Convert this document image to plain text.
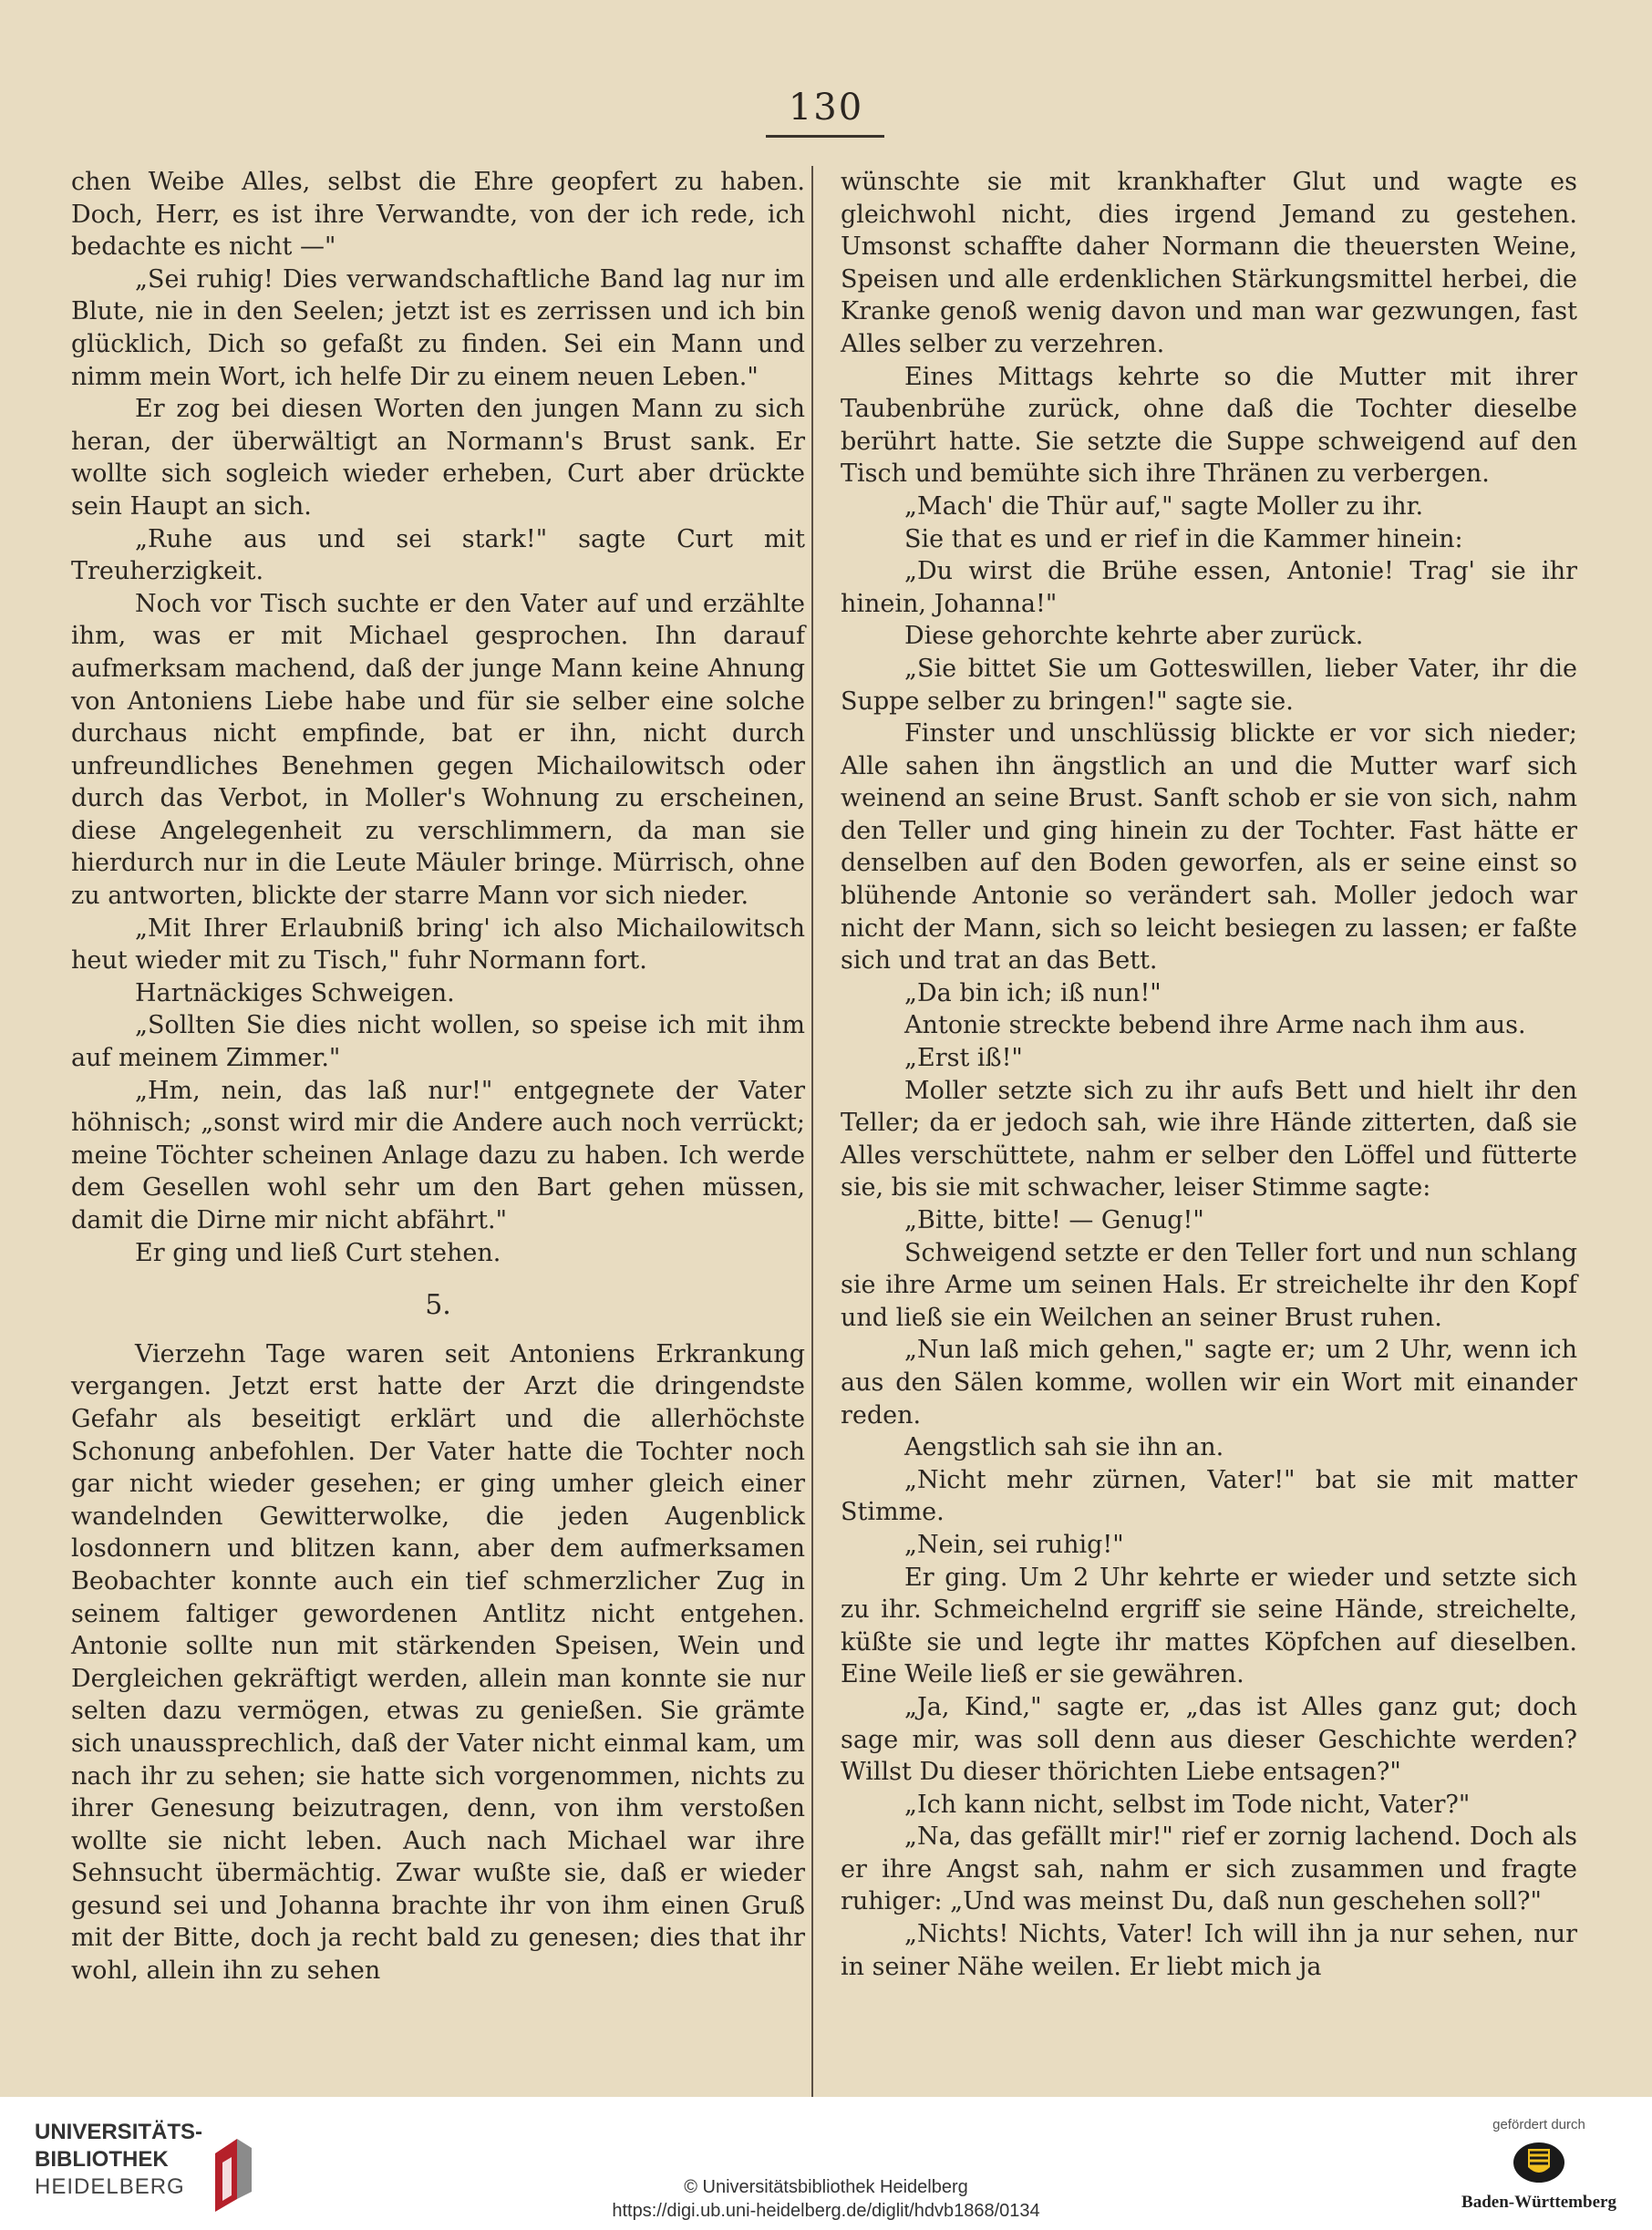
130

chen Weibe Alles, selbst die Ehre geopfert zu haben. Doch, Herr, es ist ihre Verwandte, von der ich rede, ich bedachte es nicht —"

„Sei ruhig! Dies verwandschaftliche Band lag nur im Blute, nie in den Seelen; jetzt ist es zerrissen und ich bin glücklich, Dich so gefaßt zu finden. Sei ein Mann und nimm mein Wort, ich helfe Dir zu einem neuen Leben."

Er zog bei diesen Worten den jungen Mann zu sich heran, der überwältigt an Normann's Brust sank. Er wollte sich sogleich wieder erheben, Curt aber drückte sein Haupt an sich.

„Ruhe aus und sei stark!" sagte Curt mit Treuherzigkeit.

Noch vor Tisch suchte er den Vater auf und erzählte ihm, was er mit Michael gesprochen. Ihn darauf aufmerksam machend, daß der junge Mann keine Ahnung von Antoniens Liebe habe und für sie selber eine solche durchaus nicht empfinde, bat er ihn, nicht durch unfreundliches Benehmen gegen Michailowitsch oder durch das Verbot, in Moller's Wohnung zu erscheinen, diese Angelegenheit zu verschlimmern, da man sie hierdurch nur in die Leute Mäuler bringe. Mürrisch, ohne zu antworten, blickte der starre Mann vor sich nieder.

„Mit Ihrer Erlaubniß bring' ich also Michailowitsch heut wieder mit zu Tisch," fuhr Normann fort.

Hartnäckiges Schweigen.

„Sollten Sie dies nicht wollen, so speise ich mit ihm auf meinem Zimmer."

„Hm, nein, das laß nur!" entgegnete der Vater höhnisch; „sonst wird mir die Andere auch noch verrückt; meine Töchter scheinen Anlage dazu zu haben. Ich werde dem Gesellen wohl sehr um den Bart gehen müssen, damit die Dirne mir nicht abfährt."

Er ging und ließ Curt stehen.

5.

Vierzehn Tage waren seit Antoniens Erkrankung vergangen. Jetzt erst hatte der Arzt die dringendste Gefahr als beseitigt erklärt und die allerhöchste Schonung anbefohlen. Der Vater hatte die Tochter noch gar nicht wieder gesehen; er ging umher gleich einer wandelnden Gewitterwolke, die jeden Augenblick losdonnern und blitzen kann, aber dem aufmerksamen Beobachter konnte auch ein tief schmerzlicher Zug in seinem faltiger gewordenen Antlitz nicht entgehen. Antonie sollte nun mit stärkenden Speisen, Wein und Dergleichen gekräftigt werden, allein man konnte sie nur selten dazu vermögen, etwas zu genießen. Sie grämte sich unaussprechlich, daß der Vater nicht einmal kam, um nach ihr zu sehen; sie hatte sich vorgenommen, nichts zu ihrer Genesung beizutragen, denn, von ihm verstoßen wollte sie nicht leben. Auch nach Michael war ihre Sehnsucht übermächtig. Zwar wußte sie, daß er wieder gesund sei und Johanna brachte ihr von ihm einen Gruß mit der Bitte, doch ja recht bald zu genesen; dies that ihr wohl, allein ihn zu sehen

wünschte sie mit krankhafter Glut und wagte es gleichwohl nicht, dies irgend Jemand zu gestehen. Umsonst schaffte daher Normann die theuersten Weine, Speisen und alle erdenklichen Stärkungsmittel herbei, die Kranke genoß wenig davon und man war gezwungen, fast Alles selber zu verzehren.

Eines Mittags kehrte so die Mutter mit ihrer Taubenbrühe zurück, ohne daß die Tochter dieselbe berührt hatte. Sie setzte die Suppe schweigend auf den Tisch und bemühte sich ihre Thränen zu verbergen.

„Mach' die Thür auf," sagte Moller zu ihr.

Sie that es und er rief in die Kammer hinein:

„Du wirst die Brühe essen, Antonie! Trag' sie ihr hinein, Johanna!"

Diese gehorchte kehrte aber zurück.

„Sie bittet Sie um Gotteswillen, lieber Vater, ihr die Suppe selber zu bringen!" sagte sie.

Finster und unschlüssig blickte er vor sich nieder; Alle sahen ihn ängstlich an und die Mutter warf sich weinend an seine Brust. Sanft schob er sie von sich, nahm den Teller und ging hinein zu der Tochter. Fast hätte er denselben auf den Boden geworfen, als er seine einst so blühende Antonie so verändert sah. Moller jedoch war nicht der Mann, sich so leicht besiegen zu lassen; er faßte sich und trat an das Bett.

„Da bin ich; iß nun!"

Antonie streckte bebend ihre Arme nach ihm aus.

„Erst iß!"

Moller setzte sich zu ihr aufs Bett und hielt ihr den Teller; da er jedoch sah, wie ihre Hände zitterten, daß sie Alles verschüttete, nahm er selber den Löffel und fütterte sie, bis sie mit schwacher, leiser Stimme sagte:

„Bitte, bitte! — Genug!"

Schweigend setzte er den Teller fort und nun schlang sie ihre Arme um seinen Hals. Er streichelte ihr den Kopf und ließ sie ein Weilchen an seiner Brust ruhen.

„Nun laß mich gehen," sagte er; um 2 Uhr, wenn ich aus den Sälen komme, wollen wir ein Wort mit einander reden.

Aengstlich sah sie ihn an.

„Nicht mehr zürnen, Vater!" bat sie mit matter Stimme.

„Nein, sei ruhig!"

Er ging. Um 2 Uhr kehrte er wieder und setzte sich zu ihr. Schmeichelnd ergriff sie seine Hände, streichelte, küßte sie und legte ihr mattes Köpfchen auf dieselben. Eine Weile ließ er sie gewähren.

„Ja, Kind," sagte er, „das ist Alles ganz gut; doch sage mir, was soll denn aus dieser Geschichte werden? Willst Du dieser thörichten Liebe entsagen?"

„Ich kann nicht, selbst im Tode nicht, Vater?"

„Na, das gefällt mir!" rief er zornig lachend. Doch als er ihre Angst sah, nahm er sich zusammen und fragte ruhiger: „Und was meinst Du, daß nun geschehen soll?"

„Nichts! Nichts, Vater! Ich will ihn ja nur sehen, nur in seiner Nähe weilen. Er liebt mich ja

UNIVERSITÄTS-
BIBLIOTHEK
HEIDELBERG	© Universitätsbibliothek Heidelberg
https://digi.ub.uni-heidelberg.de/diglit/hdvb1868/0134
gefördert durch
Baden-Württemberg
